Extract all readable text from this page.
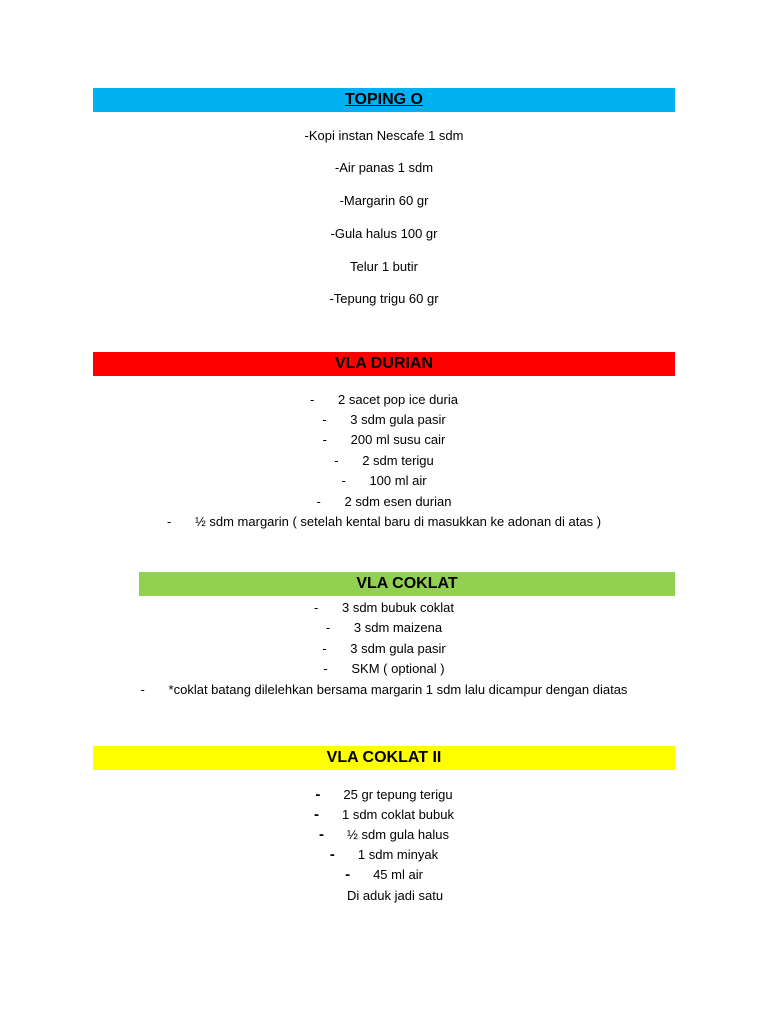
TOPING O
-Kopi instan Nescafe 1 sdm
-Air panas 1 sdm
-Margarin 60 gr
-Gula halus 100 gr
Telur 1 butir
-Tepung trigu 60 gr
VLA DURIAN
- 2 sacet pop ice duria
- 3 sdm gula pasir
- 200 ml susu cair
- 2 sdm terigu
- 100 ml air
- 2 sdm esen durian
- ½ sdm margarin ( setelah kental baru di masukkan ke adonan di atas )
VLA COKLAT
- 3 sdm bubuk coklat
- 3 sdm maizena
- 3 sdm gula pasir
- SKM ( optional )
- *coklat batang dilelehkan bersama margarin 1 sdm lalu dicampur dengan diatas
VLA COKLAT II
- 25 gr tepung terigu
- 1 sdm coklat bubuk
- ½ sdm gula halus
- 1 sdm minyak
- 45 ml air
Di aduk jadi satu
